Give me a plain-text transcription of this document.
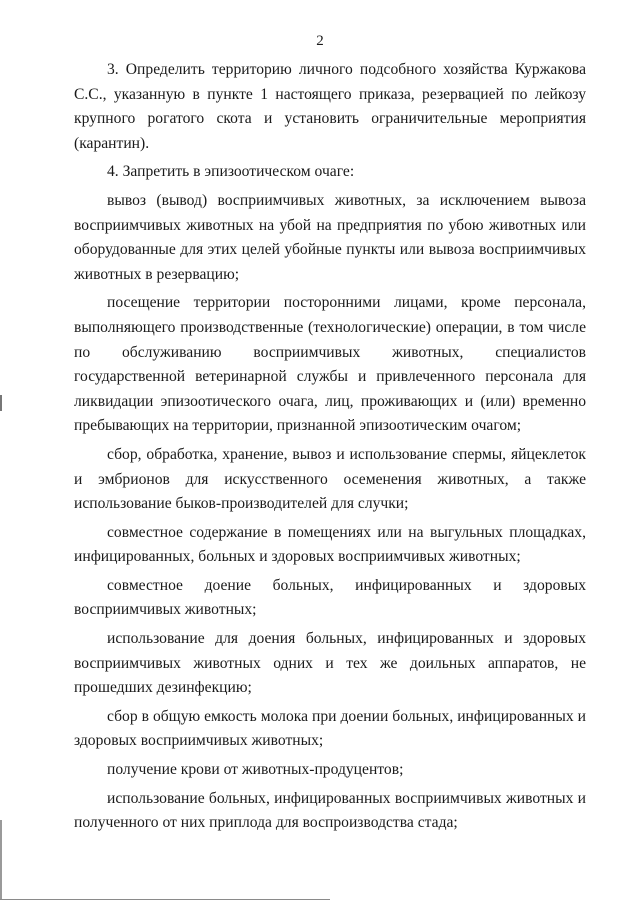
2

3. Определить территорию личного подсобного хозяйства Куржакова С.С., указанную в пункте 1 настоящего приказа, резервацией по лейкозу крупного рогатого скота и установить ограничительные мероприятия (карантин).

4. Запретить в эпизоотическом очаге:

вывоз (вывод) восприимчивых животных, за исключением вывоза восприимчивых животных на убой на предприятия по убою животных или оборудованные для этих целей убойные пункты или вывоза восприимчивых животных в резервацию;

посещение территории посторонними лицами, кроме персонала, выполняющего производственные (технологические) операции, в том числе по обслуживанию восприимчивых животных, специалистов государственной ветеринарной службы и привлеченного персонала для ликвидации эпизоотического очага, лиц, проживающих и (или) временно пребывающих на территории, признанной эпизоотическим очагом;

сбор, обработка, хранение, вывоз и использование спермы, яйцеклеток и эмбрионов для искусственного осеменения животных, а также использование быков-производителей для случки;

совместное содержание в помещениях или на выгульных площадках, инфицированных, больных и здоровых восприимчивых животных;

совместное доение больных, инфицированных и здоровых восприимчивых животных;

использование для доения больных, инфицированных и здоровых восприимчивых животных одних и тех же доильных аппаратов, не прошедших дезинфекцию;

сбор в общую емкость молока при доении больных, инфицированных и здоровых восприимчивых животных;

получение крови от животных-продуцентов;

использование больных, инфицированных восприимчивых животных и полученного от них приплода для воспроизводства стада;
